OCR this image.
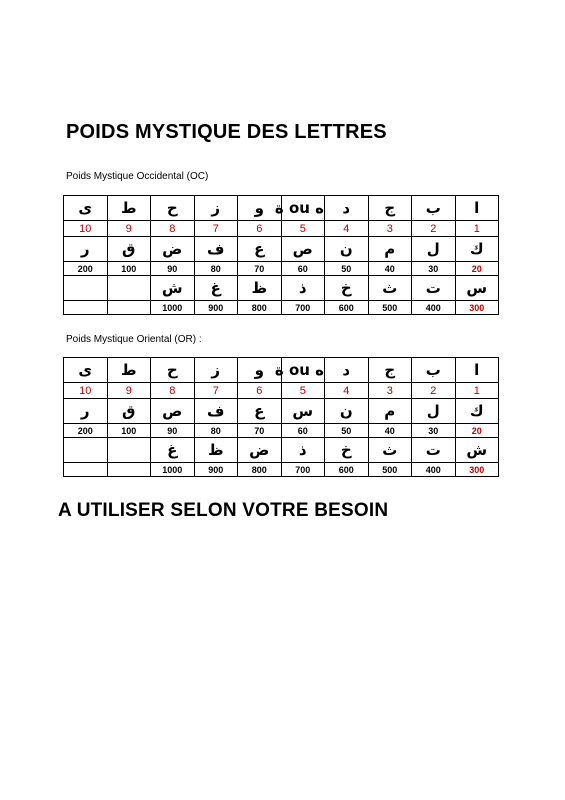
POIDS MYSTIQUE DES LETTRES
Poids Mystique Occidental (OC)
ى	ط	ح	ز	و	ه ou ة	د	ج	ب	ا
10	9	8	7	6	5	4	3	2	1
ر	ق	ض	ف	ع	ص	ن	م	ل	ك
200	100	90	80	70	60	50	40	30	20
		ش	غ	ظ	ذ	خ	ث	ت	س
		1000	900	800	700	600	500	400	300
Poids Mystique Oriental (OR) :
ى	ط	ح	ز	و	ه ou ة	د	ج	ب	ا
10	9	8	7	6	5	4	3	2	1
ر	ق	ص	ف	ع	س	ن	م	ل	ك
200	100	90	80	70	60	50	40	30	20
		غ	ظ	ض	ذ	خ	ث	ت	ش
		1000	900	800	700	600	500	400	300
A UTILISER SELON VOTRE BESOIN
